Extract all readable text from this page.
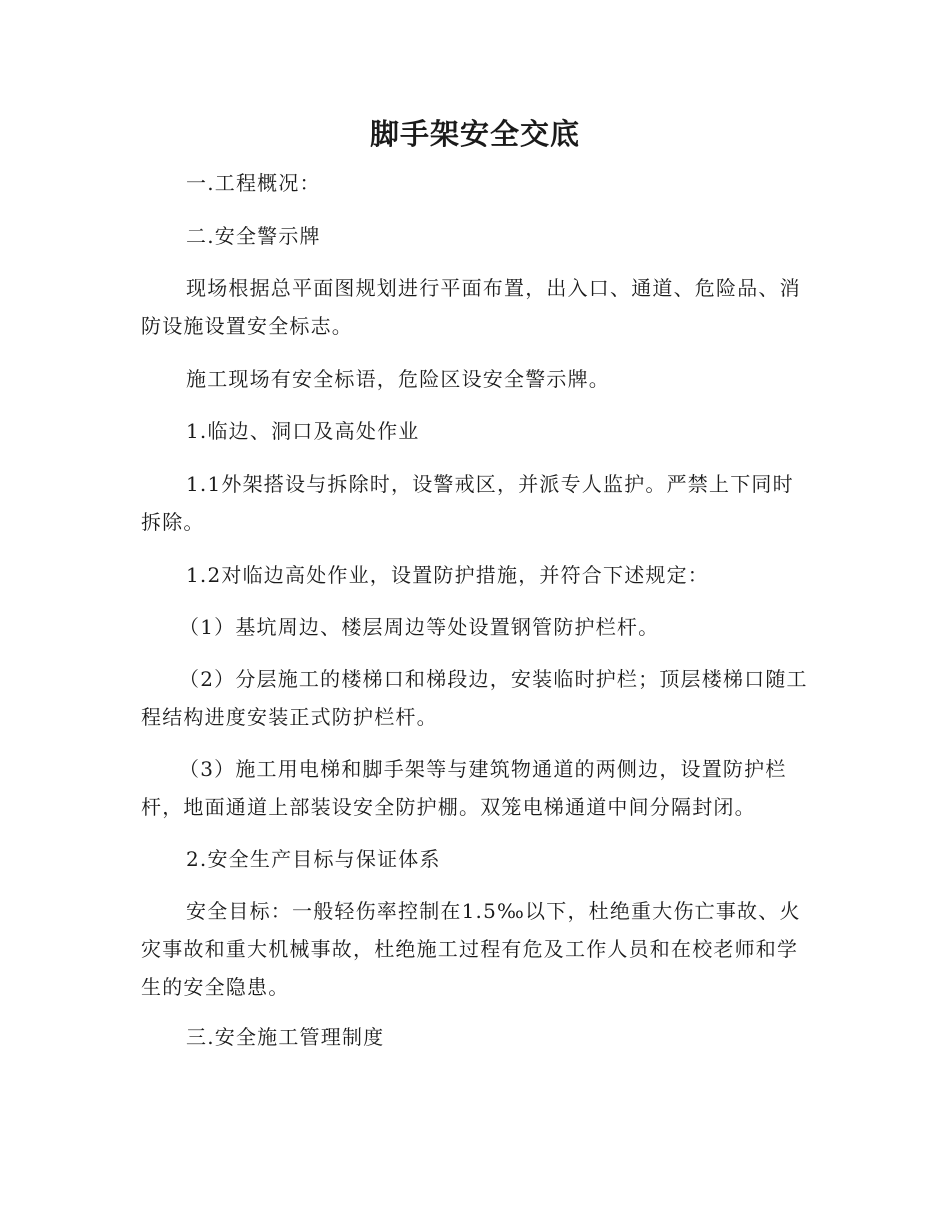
脚手架安全交底

一.工程概况：

二.安全警示牌

现场根据总平面图规划进行平面布置，出入口、通道、危险品、消防设施设置安全标志。

施工现场有安全标语，危险区设安全警示牌。

1.临边、洞口及高处作业

1.1外架搭设与拆除时，设警戒区，并派专人监护。严禁上下同时拆除。

1.2对临边高处作业，设置防护措施，并符合下述规定：

（1）基坑周边、楼层周边等处设置钢管防护栏杆。

（2）分层施工的楼梯口和梯段边，安装临时护栏；顶层楼梯口随工程结构进度安装正式防护栏杆。

（3）施工用电梯和脚手架等与建筑物通道的两侧边，设置防护栏杆，地面通道上部装设安全防护棚。双笼电梯通道中间分隔封闭。

2.安全生产目标与保证体系

安全目标：一般轻伤率控制在1.5‰以下，杜绝重大伤亡事故、火灾事故和重大机械事故，杜绝施工过程有危及工作人员和在校老师和学生的安全隐患。

三.安全施工管理制度
